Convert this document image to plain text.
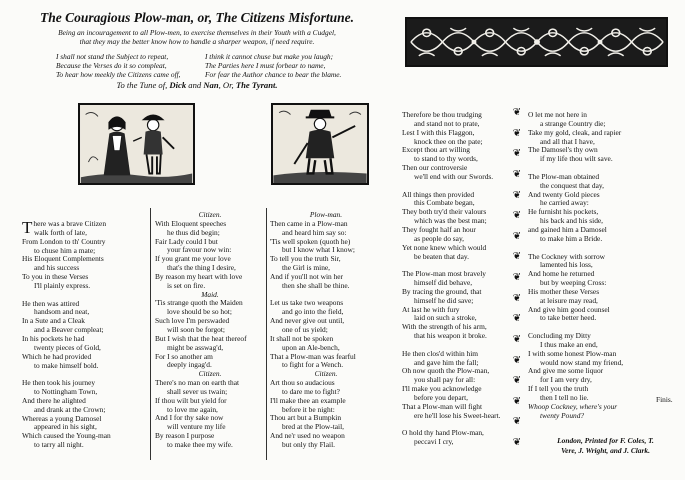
The Couragious Plow-man, or, The Citizens Misfortune.
Being an incouragement to all Plow-men, to exercise themselves in their Youth with a Cudgel,
that they may the better know how to handle a sharper weapon, if need require.
I shall not stand the Subject to repeat,
Because the Verses do it so compleat,
To hear how meekly the Citizens came off,
I think it cannot chuse but make you laugh;
The Parties here I must forbear to name,
For fear the Author chance to bear the blame.
To the Tune of, Dick and Nan, Or, The Tyrant.
There was a brave Citizen
walk forth of late,
From London to th' Country
to chuse him a mate;
His Eloquent Complements
and his success
To you in these Verses
I'll plainly express.
He then was attired
handsom and neat,
In a Sute and a Cleak
and a Beaver compleat;
In his pockets he had
twenty pieces of Gold,
Which he had provided
to make himself bold.
He then took his journey
to Nottingham Town,
And there he alighted
and drank at the Crown;
Whereas a young Damosel
appeared in his sight,
Which caused the Young-man
to tarry all night.
Citizen.
With Eloquent speeches
he thus did begin;
Fair Lady could I but
your favour now win:
If you grant me your love
that's the thing I desire,
By reason my heart with love
is set on fire.
Maid.
'Tis strange quoth the Maiden
love should be so hot;
Such love I'm perswaded
will soon be forgot;
But I wish that the heat thereof
might be asswag'd,
For I so another am
deeply ingag'd.
Citizen.
There's no man on earth that
shall sever us twain;
If thou wilt but yield for
to love me again,
And I for thy sake now
will venture my life
By reason I purpose
to make thee my wife.
Plow-man.
Then came in a Plow-man
and heard him say so:
'Tis well spoken (quoth he)
but I know what I know;
To tell you the truth Sir,
the Girl is mine,
And if you'll not win her
then she shall be thine.
Let us take two weapons
and go into the field,
And never give out until,
one of us yield;
It shall not be spoken
upon an Ale-bench,
That a Plow-man was fearful
to fight for a Wench.
Citizen.
Art thou so audacious
to dare me to fight?
I'll make thee an example
before it be night:
Thou art but a Bumpkin
bred at the Plow-tail,
And ne'r used no weapon
but only thy Flail.
Therefore be thou trudging
and stand not to prate,
Lest I with this Flaggon,
knock thee on the pate;
Except thou art willing
to stand to thy words,
Then our controversie
we'll end with our Swords.
All things then provided
this Combate began,
They both try'd their valours
which was the best man;
They fought half an hour
as people do say,
Yet none knew which would
be beaten that day.
The Plow-man most bravely
himself did behave,
By tracing the ground, that
himself he did save;
At last he with fury
laid on such a stroke,
With the strength of his arm,
that his weapon it broke.
He then clos'd within him
and gave him the fall;
Oh now quoth the Plow-man,
you shall pay for all:
I'll make you acknowledge
before you depart,
That a Plow-man will fight
ere he'll lose his Sweet-heart.
O hold thy hand Plow-man,
peccavi I cry,
❦
❦
❦
❦
❦
❦
❦
❦
❦
❦
❦
❦
❦
❦
❦
❦
❦
O let me not here in
a strange Country die;
Take my gold, cleak, and rapier
and all that I have,
The Damosel's thy own
if my life thou wilt save.
The Plow-man obtained
the conquest that day,
And twenty Gold pieces
he carried away:
He furnisht his pockets,
his back and his side,
and gained him a Damosel
to make him a Bride.
The Cockney with sorrow
lamented his loss,
And home he returned
but by weeping Cross:
His mother these Verses
at leisure may read,
And give him good counsel
to take better heed.
Concluding my Ditty
I thus make an end,
I with some honest Plow-man
would now stand my friend,
And give me some liquor
for I am very dry,
If I tell you the truth
then I tell no lie.
Whoop Cockney, where's your
twenty Pound?
Finis.
London, Printed for F. Coles, T.
Vere, J. Wright, and J. Clark.
